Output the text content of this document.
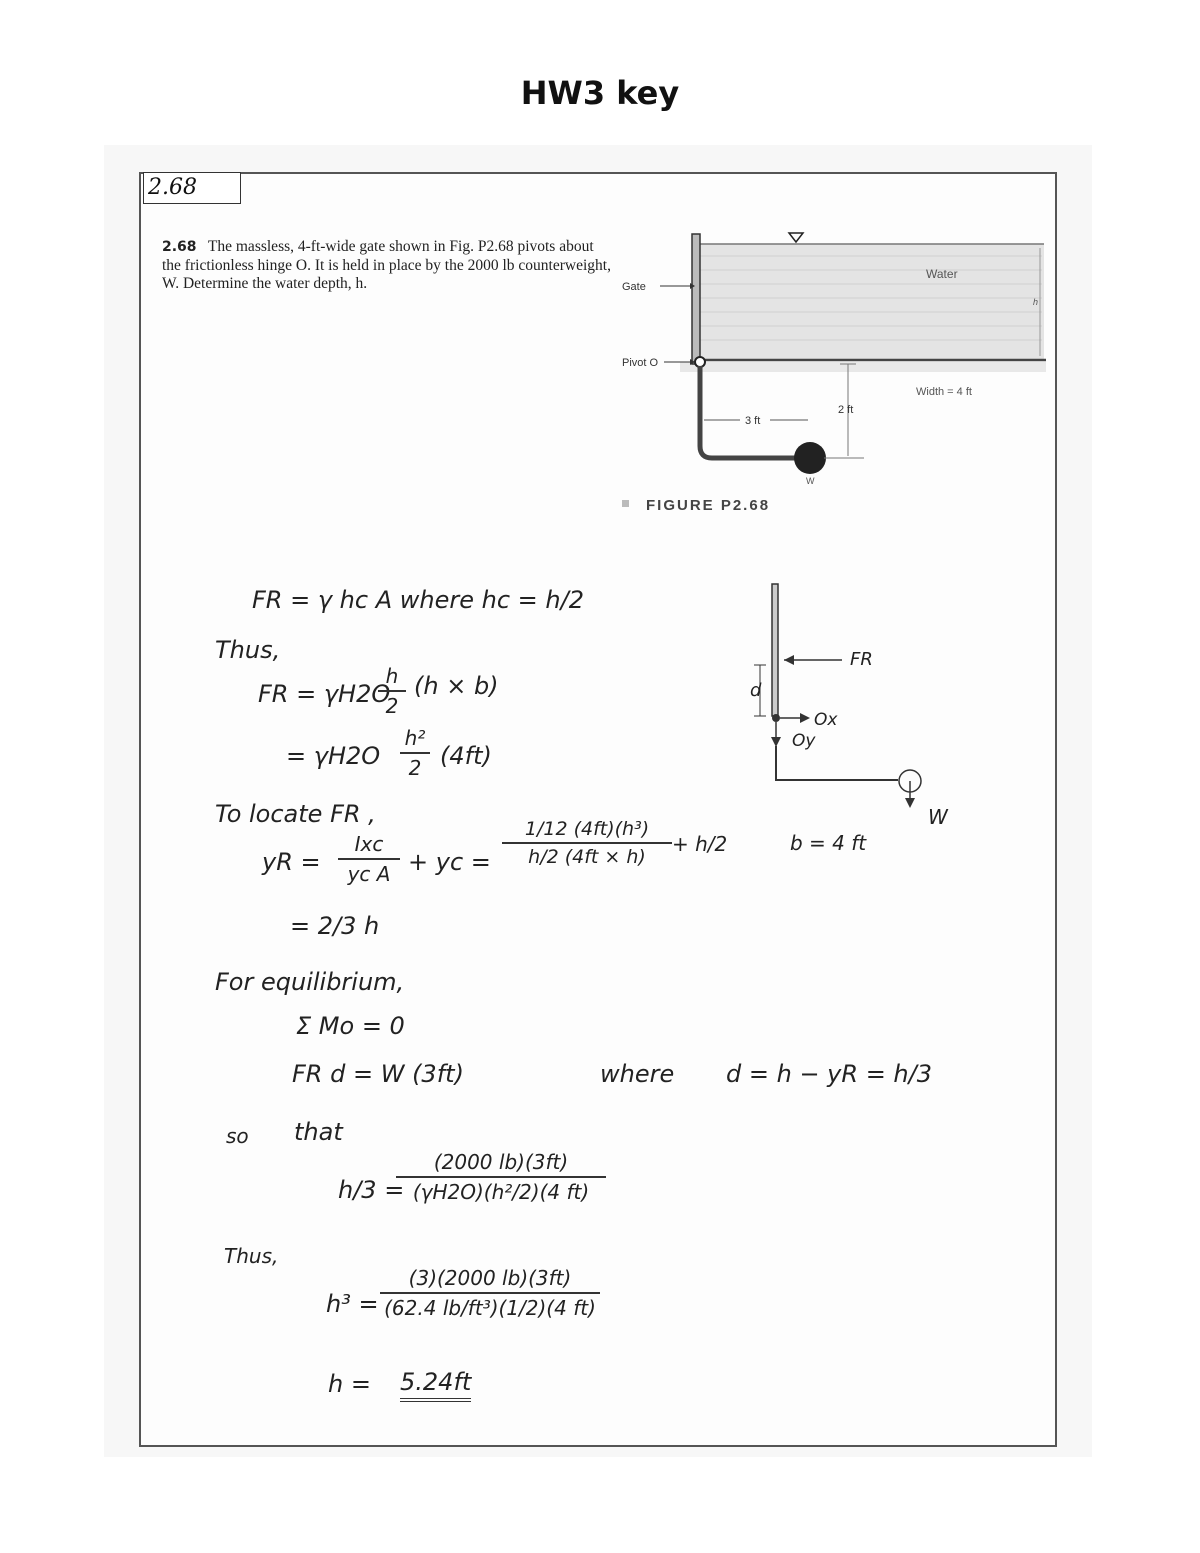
HW3 key
2.68
2.68 The massless, 4-ft-wide gate shown in Fig. P2.68 pivots about the frictionless hinge O. It is held in place by the 2000 lb counterweight, W. Determine the water depth, h.	Gate
Pivot O
Water
h
Width = 4 ft
3 ft
2 ft
W
FIGURE P2.68
FR
d
Ox
Oy
W
b = 4 ft
FR = γ hc A where hc = h/2
Thus,
FR = γH2O
h
2
(h × b)
= γH2O
h²
2 (4ft)
To locate FR ,
yR =
Ixc
yc A + yc =
1/12 (4ft)(h³)
h/2 (4ft × h)
+ h/2
= 2/3 h
For equilibrium,
Σ Mo = 0
FR d = W (3ft)	where d = h − yR = h/3
so that
h/3 =
(2000 lb)(3ft)
(γH2O)(h²/2)(4 ft)
Thus,
h³ =
(3)(2000 lb)(3ft)
(62.4 lb/ft³)(1/2)(4 ft)
h = 5.24ft
